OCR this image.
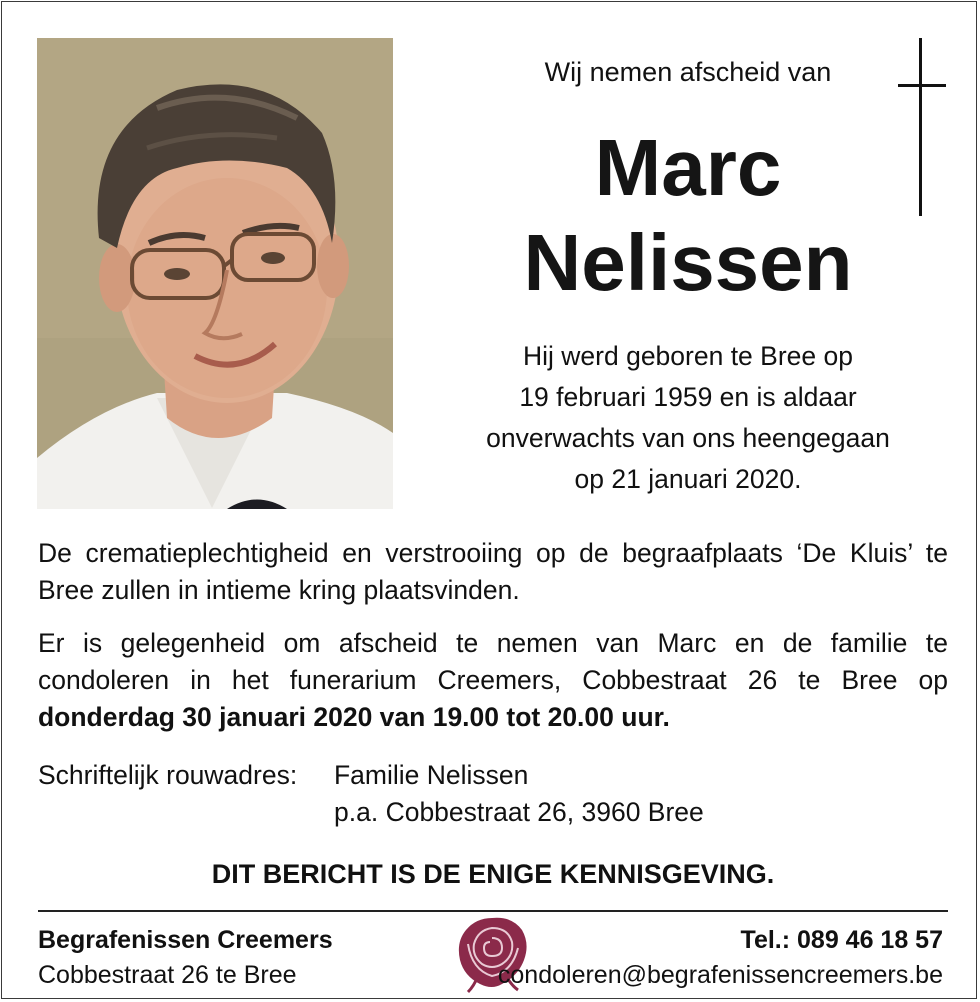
Wij nemen afscheid van
Marc
Nelissen
Hij werd geboren te Bree op
19 februari 1959 en is aldaar
onverwachts van ons heengegaan
op 21 januari 2020.
De crematieplechtigheid en verstrooiing op de begraafplaats ‘De Kluis’ te Bree zullen in intieme kring plaatsvinden.
Er is gelegenheid om afscheid te nemen van Marc en de familie te condoleren in het funerarium Creemers, Cobbestraat 26 te Bree op donderdag 30 januari 2020 van 19.00 tot 20.00 uur.
Schriftelijk rouwadres: Familie Nelissen
p.a. Cobbestraat 26, 3960 Bree
DIT BERICHT IS DE ENIGE KENNISGEVING.
Begrafenissen Creemers
Cobbestraat 26 te Bree
Tel.: 089 46 18 57
condoleren@begrafenissencreemers.be
